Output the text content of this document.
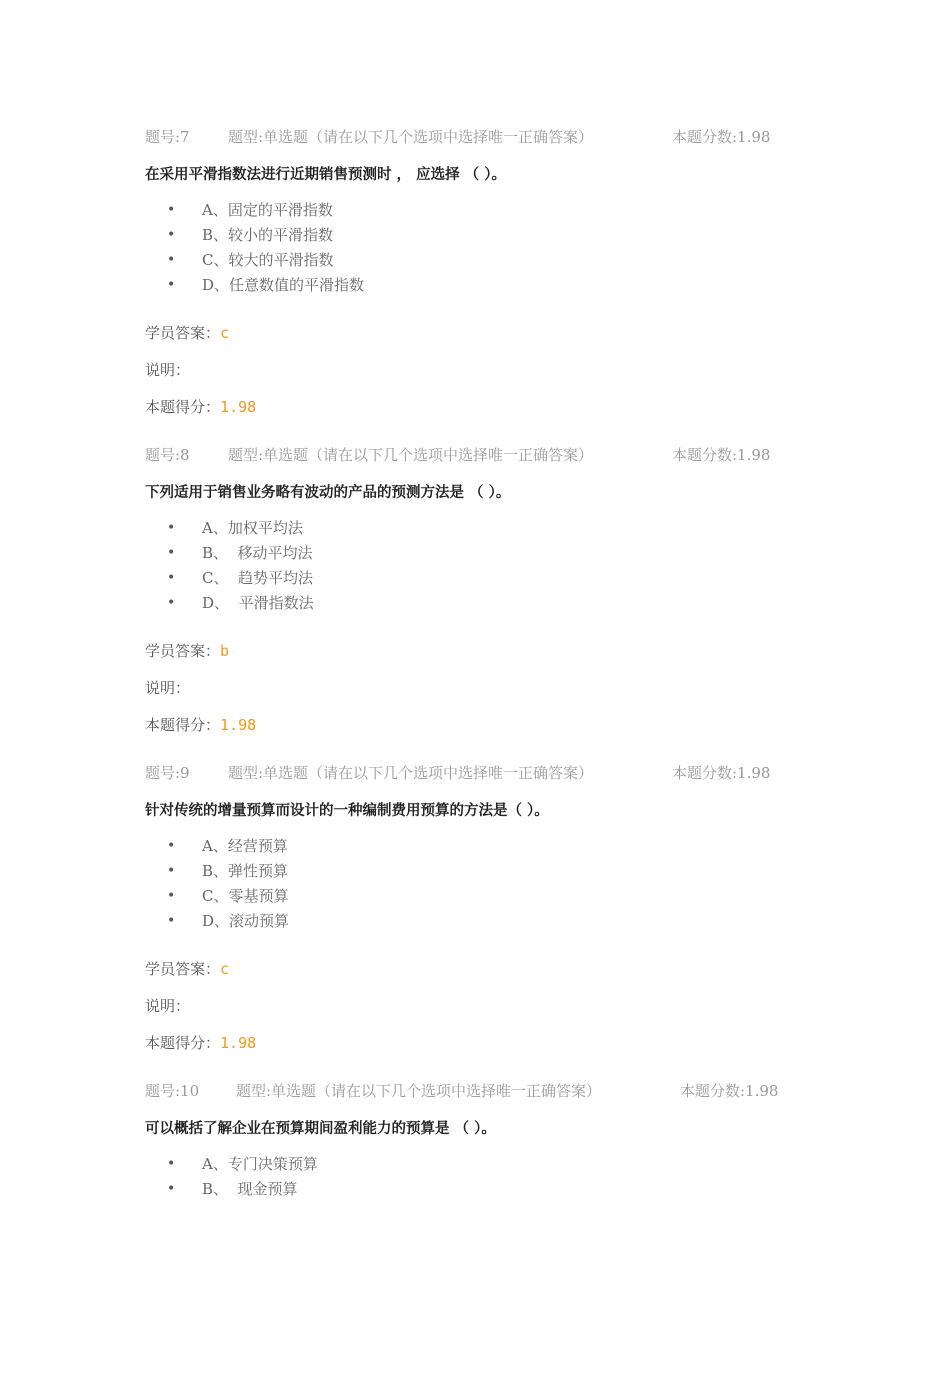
题号:7	题型:单选题（请在以下几个选项中选择唯一正确答案）	本题分数:1.98
在采用平滑指数法进行近期销售预测时 ， 应选择 （ ）。
• A、固定的平滑指数
• B、较小的平滑指数
• C、较大的平滑指数
• D、任意数值的平滑指数
学员答案：c
说明：
本题得分：1.98
题号:8	题型:单选题（请在以下几个选项中选择唯一正确答案）	本题分数:1.98
下列适用于销售业务略有波动的产品的预测方法是 （ ）。
• A、加权平均法
• B、  移动平均法
• C、  趋势平均法
• D、  平滑指数法
学员答案：b
说明：
本题得分：1.98
题号:9	题型:单选题（请在以下几个选项中选择唯一正确答案）	本题分数:1.98
针对传统的增量预算而设计的一种编制费用预算的方法是（ ）。
• A、经营预算
• B、弹性预算
• C、零基预算
• D、滚动预算
学员答案：c
说明：
本题得分：1.98
题号:10 题型:单选题（请在以下几个选项中选择唯一正确答案）	本题分数:1.98
可以概括了解企业在预算期间盈利能力的预算是 （ ）。
• A、专门决策预算
• B、  现金预算
